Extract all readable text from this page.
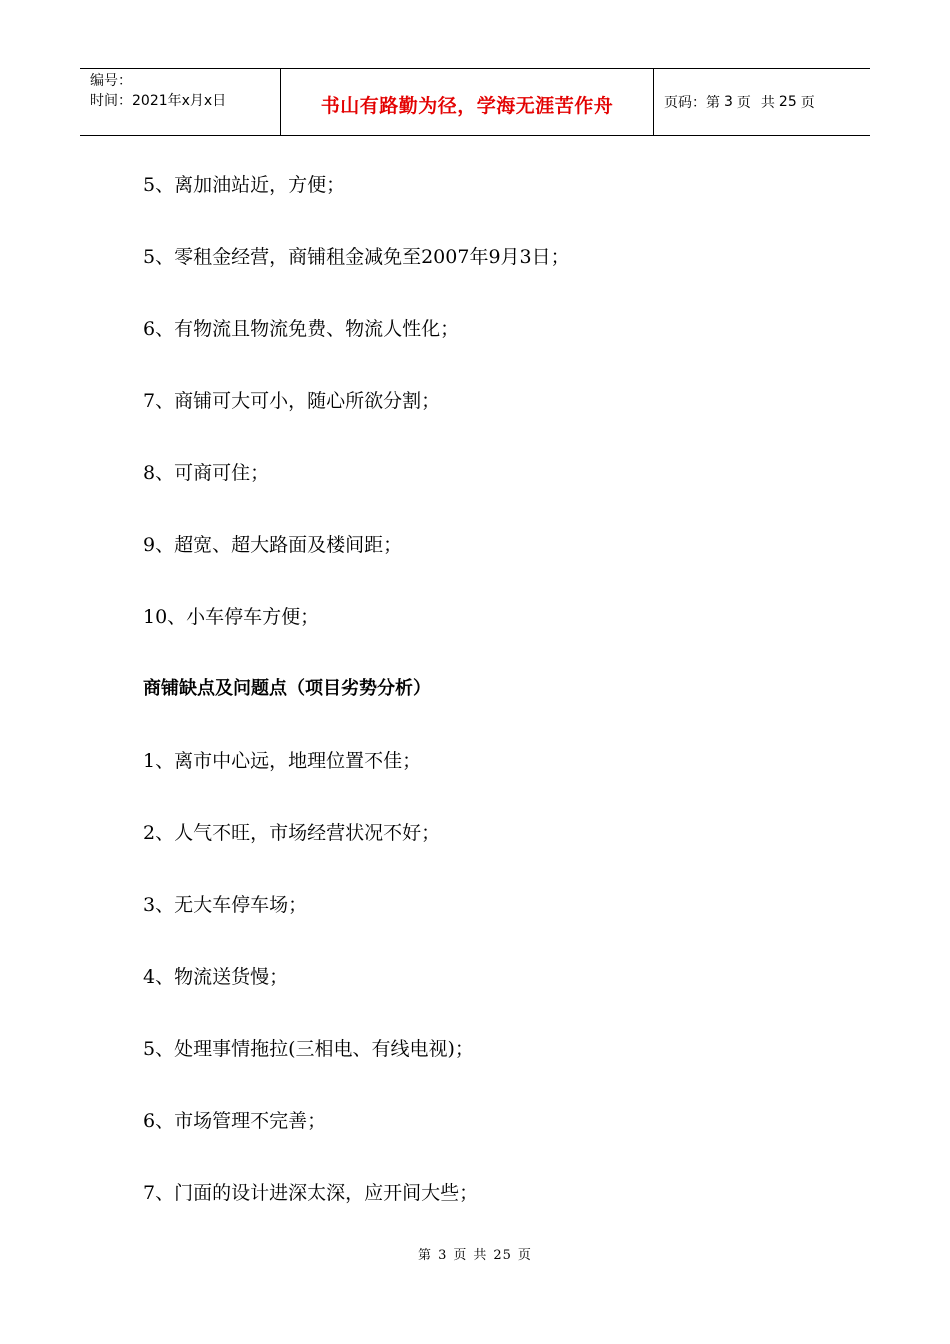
编号：
时间：2021年x月x日	书山有路勤为径，学海无涯苦作舟	页码：第 3 页 共 25 页
5、离加油站近，方便；
5、零租金经营，商铺租金减免至2007年9月3日；
6、有物流且物流免费、物流人性化；
7、商铺可大可小，随心所欲分割；
8、可商可住；
9、超宽、超大路面及楼间距；
10、小车停车方便；
商铺缺点及问题点（项目劣势分析）
1、离市中心远，地理位置不佳；
2、人气不旺，市场经营状况不好；
3、无大车停车场；
4、物流送货慢；
5、处理事情拖拉(三相电、有线电视)；
6、市场管理不完善；
7、门面的设计进深太深，应开间大些；
第 3 页 共 25 页
